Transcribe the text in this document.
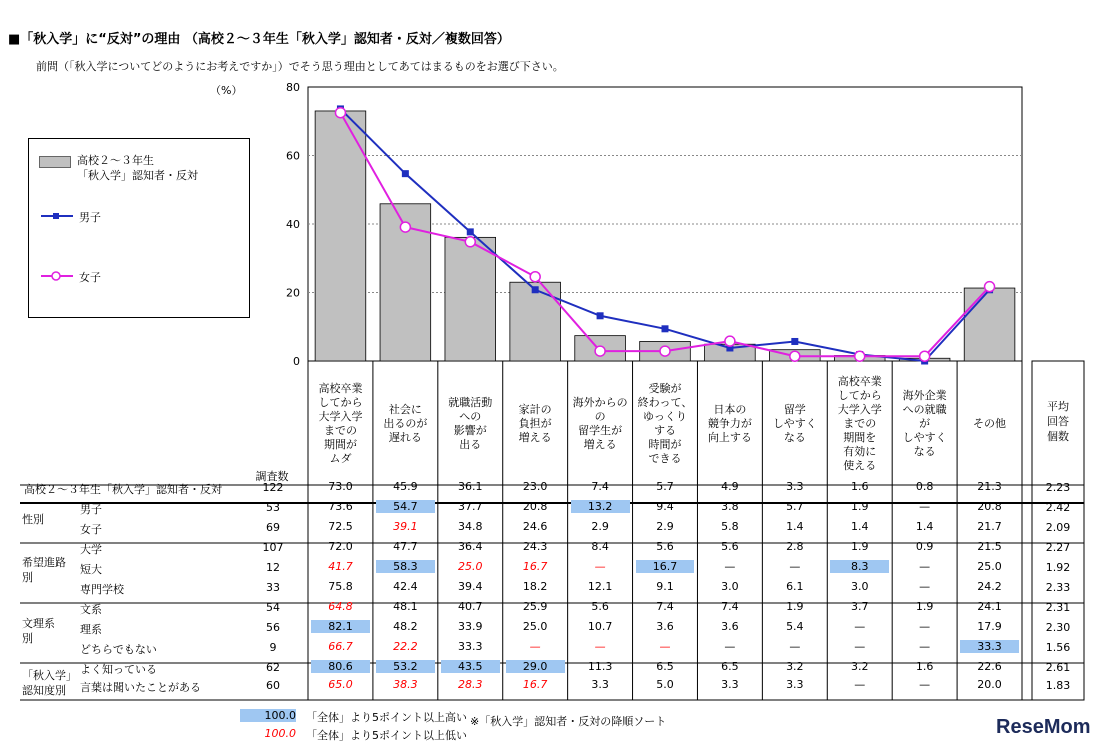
■「秋入学」に“反対”の理由 （高校２～３年生「秋入学」認知者・反対／複数回答）
前問（「秋入学についてどのようにお考えですか」）でそう思う理由としてあてはまるものをお選び下さい。
（%）
0
20
40
60
80
高校卒業
してから
大学入学
までの
期間が
ムダ
社会に
出るのが
遅れる
就職活動
への
影響が
出る
家計の
負担が
増える
海外からの
の
留学生が
増える
受験が
終わって、
ゆっくり
する
時間が
できる
日本の
競争力が
向上する
留学
しやすく
なる
高校卒業
してから
大学入学
までの
期間を
有効に
使える
海外企業
への就職
が
しやすく
なる
その他
平均
回答
個数
調査数
高校２～３年生
「秋入学」認知者・反対
男子
女子
高校２～３年生「秋入学」認知者・反対	122	73.0	45.9	36.1	23.0	7.4	5.7	4.9	3.3	1.6	0.8	21.3	2.23
男子	53	73.6	54.7	37.7	20.8	13.2	9.4	3.8	5.7	1.9	—	20.8	2.42
女子	69	72.5	39.1	34.8	24.6	2.9	2.9	5.8	1.4	1.4	1.4	21.7	2.09
大学	107	72.0	47.7	36.4	24.3	8.4	5.6	5.6	2.8	1.9	0.9	21.5	2.27
短大	12	41.7	58.3	25.0	16.7	—	16.7	—	—	8.3	—	25.0	1.92
専門学校	33	75.8	42.4	39.4	18.2	12.1	9.1	3.0	6.1	3.0	—	24.2	2.33
文系	54	64.8	48.1	40.7	25.9	5.6	7.4	7.4	1.9	3.7	1.9	24.1	2.31
理系	56	82.1	48.2	33.9	25.0	10.7	3.6	3.6	5.4	—	—	17.9	2.30
どちらでもない	9	66.7	22.2	33.3	—	—	—	—	—	—	—	33.3	1.56
よく知っている	62	80.6	53.2	43.5	29.0	11.3	6.5	6.5	3.2	3.2	1.6	22.6	2.61
言葉は聞いたことがある	60	65.0	38.3	28.3	16.7	3.3	5.0	3.3	3.3	—	—	20.0	1.83
性別
希望進路
別
文理系
別
「秋入学」
認知度別
100.0 「全体」より5ポイント以上高い
100.0 「全体」より5ポイント以上低い
※「秋入学」認知者・反対の降順ソート	ReseMom
